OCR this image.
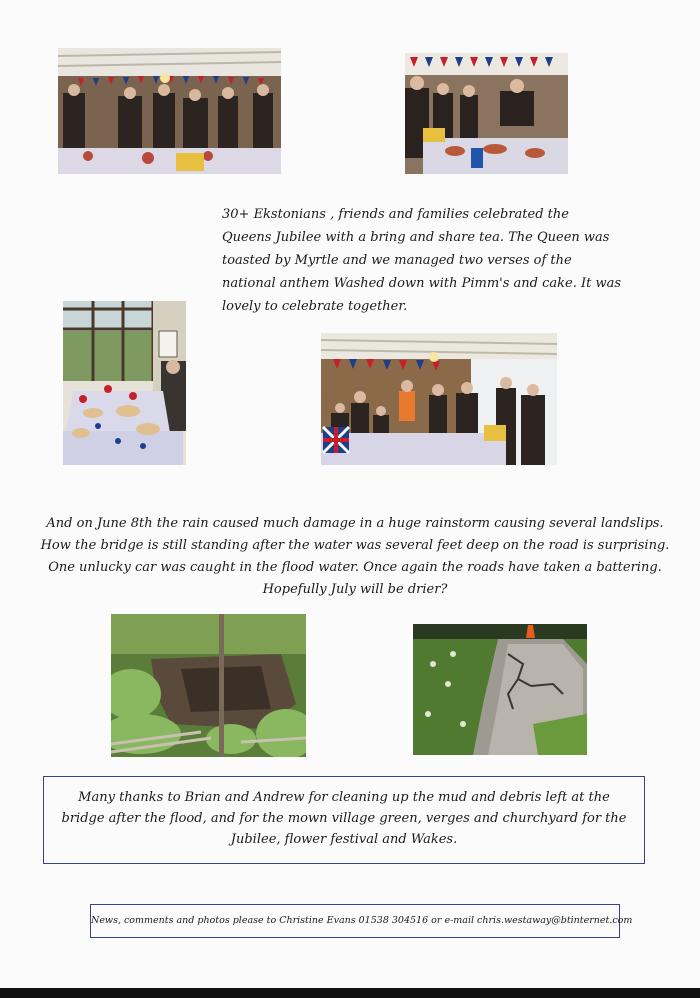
30+ Ekstonians , friends and families celebrated the Queens Jubilee with a bring and share tea. The Queen was toasted by Myrtle and we managed two verses of the national anthem Washed down with Pimm's and cake. It was lovely to celebrate together.
And on June 8th the rain caused much damage in a huge rainstorm causing several landslips. How the bridge is still standing after the water was several feet deep on the road is surprising. One unlucky car was caught in the flood water. Once again the roads have taken a battering. Hopefully July will be drier?
Many thanks to Brian and Andrew for cleaning up the mud and debris left at the bridge after the flood, and for the mown village green, verges and churchyard for the Jubilee, flower festival and Wakes.
News, comments and photos please to Christine Evans 01538 304516 or e-mail chris.westaway@btinternet.com
